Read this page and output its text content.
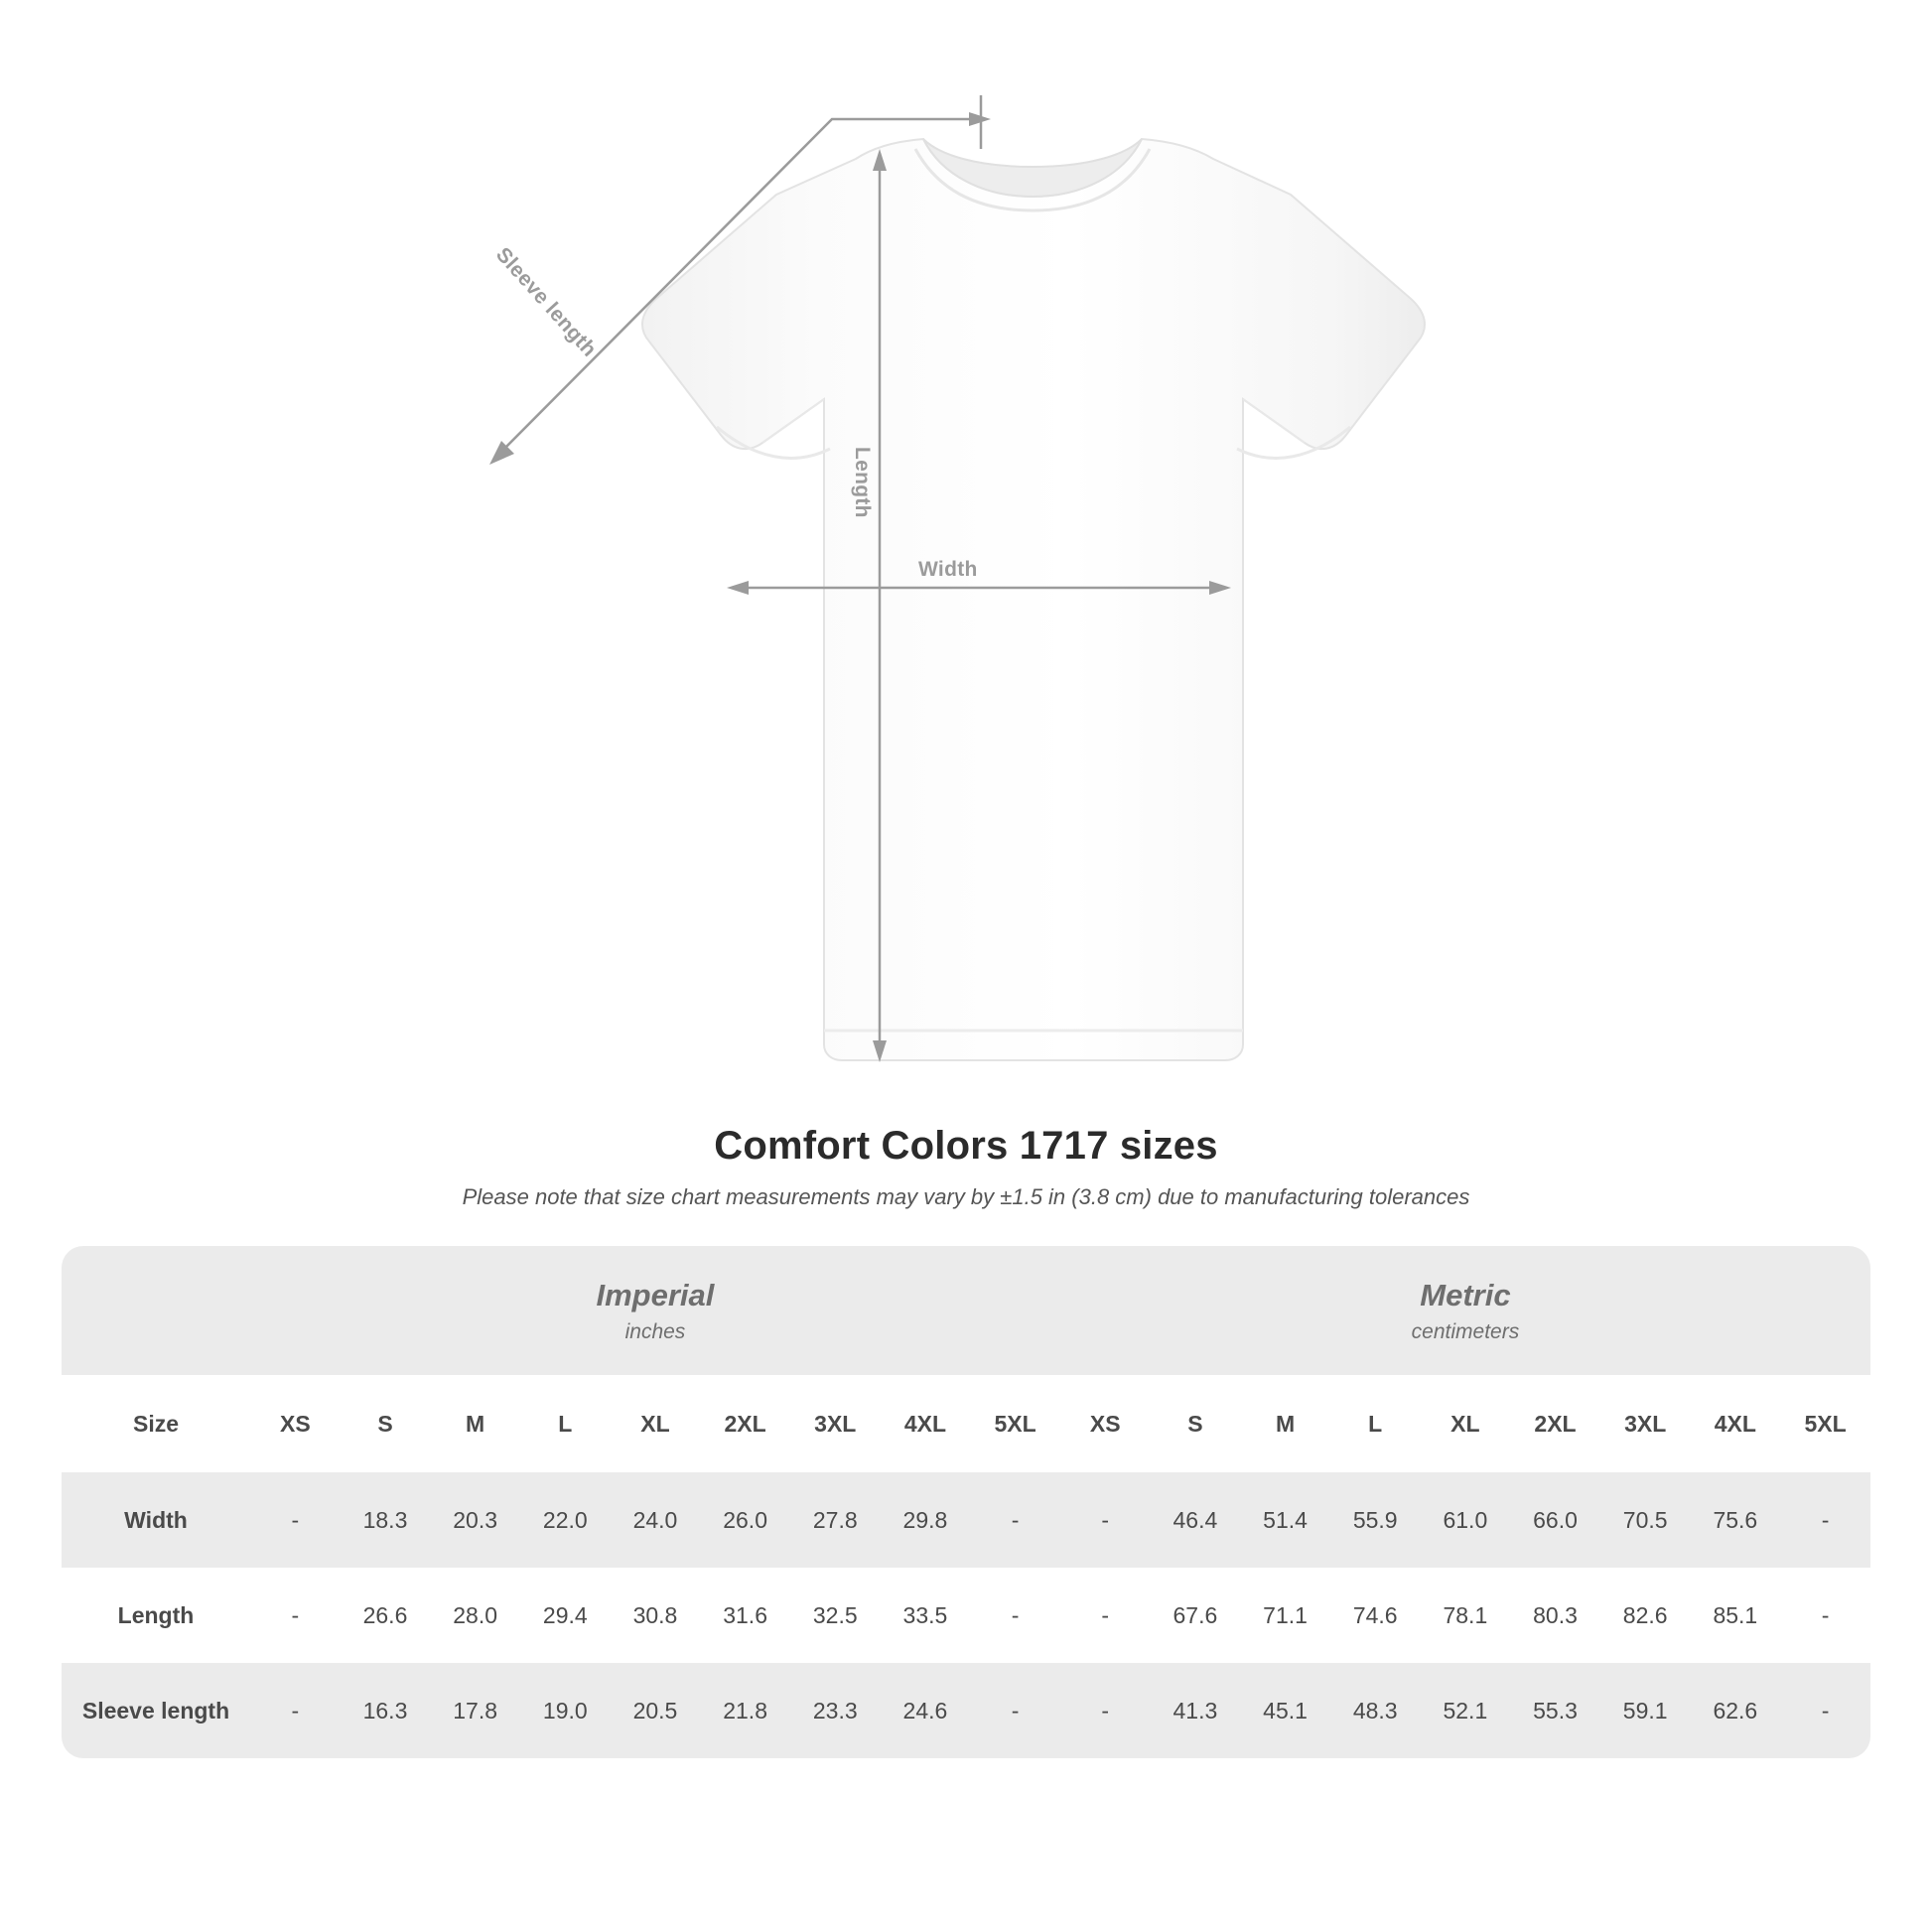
Width
Length
Sleeve length
Comfort Colors 1717 sizes
Please note that size chart measurements may vary by ±1.5 in (3.8 cm) due to manufacturing tolerances

Imperial
inches

Metric
centimeters

Size	XS	S	M	L	XL	2XL	3XL	4XL	5XL	XS	S	M	L	XL	2XL	3XL	4XL	5XL
Width	-	18.3	20.3	22.0	24.0	26.0	27.8	29.8	-	-	46.4	51.4	55.9	61.0	66.0	70.5	75.6	-
Length	-	26.6	28.0	29.4	30.8	31.6	32.5	33.5	-	-	67.6	71.1	74.6	78.1	80.3	82.6	85.1	-
Sleeve length	-	16.3	17.8	19.0	20.5	21.8	23.3	24.6	-	-	41.3	45.1	48.3	52.1	55.3	59.1	62.6	-
